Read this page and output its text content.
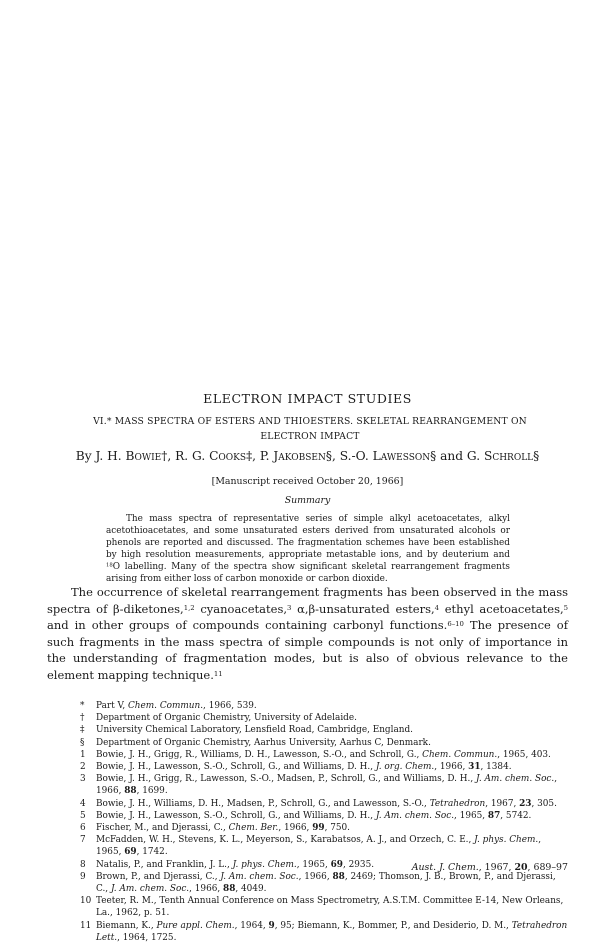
ELECTRON IMPACT STUDIES
VI.* MASS SPECTRA OF ESTERS AND THIOESTERS. SKELETAL REARRANGEMENT ON ELECTRON IMPACT
By J. H. Bowie†, R. G. Cooks‡, P. Jakobsen§, S.-O. Lawesson§ and G. Schroll§
[Manuscript received October 20, 1966]
Summary

The mass spectra of representative series of simple alkyl acetoacetates, alkyl acetothioacetates, and some unsaturated esters derived from unsaturated alcohols or phenols are reported and discussed. The fragmentation schemes have been established by high resolution measurements, appropriate metastable ions, and by deuterium and $^{18}$O labelling. Many of the spectra show significant skeletal rearrangement fragments arising from either loss of carbon monoxide or carbon dioxide.

The occurrence of skeletal rearrangement fragments has been observed in the mass spectra of β-diketones,$^{1,2}$ cyanoacetates,$^3$ α,β-unsaturated esters,$^4$ ethyl acetoacetates,$^5$ and in other groups of compounds containing carbonyl functions.$^{6-10}$ The presence of such fragments in the mass spectra of simple compounds is not only of importance in the understanding of fragmentation modes, but is also of obvious relevance to the element mapping technique.$^{11}$

* Part V, Chem. Commun., 1966, 539.
† Department of Organic Chemistry, University of Adelaide.
‡ University Chemical Laboratory, Lensfield Road, Cambridge, England.
§ Department of Organic Chemistry, Aarhus University, Aarhus C, Denmark.
1 Bowie, J. H., Grigg, R., Williams, D. H., Lawesson, S.-O., and Schroll, G., Chem. Commun., 1965, 403.
2 Bowie, J. H., Lawesson, S.-O., Schroll, G., and Williams, D. H., J. org. Chem., 1966, 31, 1384.
3 Bowie, J. H., Grigg, R., Lawesson, S.-O., Madsen, P., Schroll, G., and Williams, D. H., J. Am. chem. Soc., 1966, 88, 1699.
4 Bowie, J. H., Williams, D. H., Madsen, P., Schroll, G., and Lawesson, S.-O., Tetrahedron, 1967, 23, 305.
5 Bowie, J. H., Lawesson, S.-O., Schroll, G., and Williams, D. H., J. Am. chem. Soc., 1965, 87, 5742.
6 Fischer, M., and Djerassi, C., Chem. Ber., 1966, 99, 750.
7 McFadden, W. H., Stevens, K. L., Meyerson, S., Karabatsos, A. J., and Orzech, C. E., J. phys. Chem., 1965, 69, 1742.
8 Natalis, P., and Franklin, J. L., J. phys. Chem., 1965, 69, 2935.
9 Brown, P., and Djerassi, C., J. Am. chem. Soc., 1966, 88, 2469; Thomson, J. B., Brown, P., and Djerassi, C., J. Am. chem. Soc., 1966, 88, 4049.
10 Teeter, R. M., Tenth Annual Conference on Mass Spectrometry, A.S.T.M. Committee E-14, New Orleans, La., 1962, p. 51.
11 Biemann, K., Pure appl. Chem., 1964, 9, 95; Biemann, K., Bommer, P., and Desiderio, D. M., Tetrahedron Lett., 1964, 1725.
Aust. J. Chem., 1967, 20, 689–97
